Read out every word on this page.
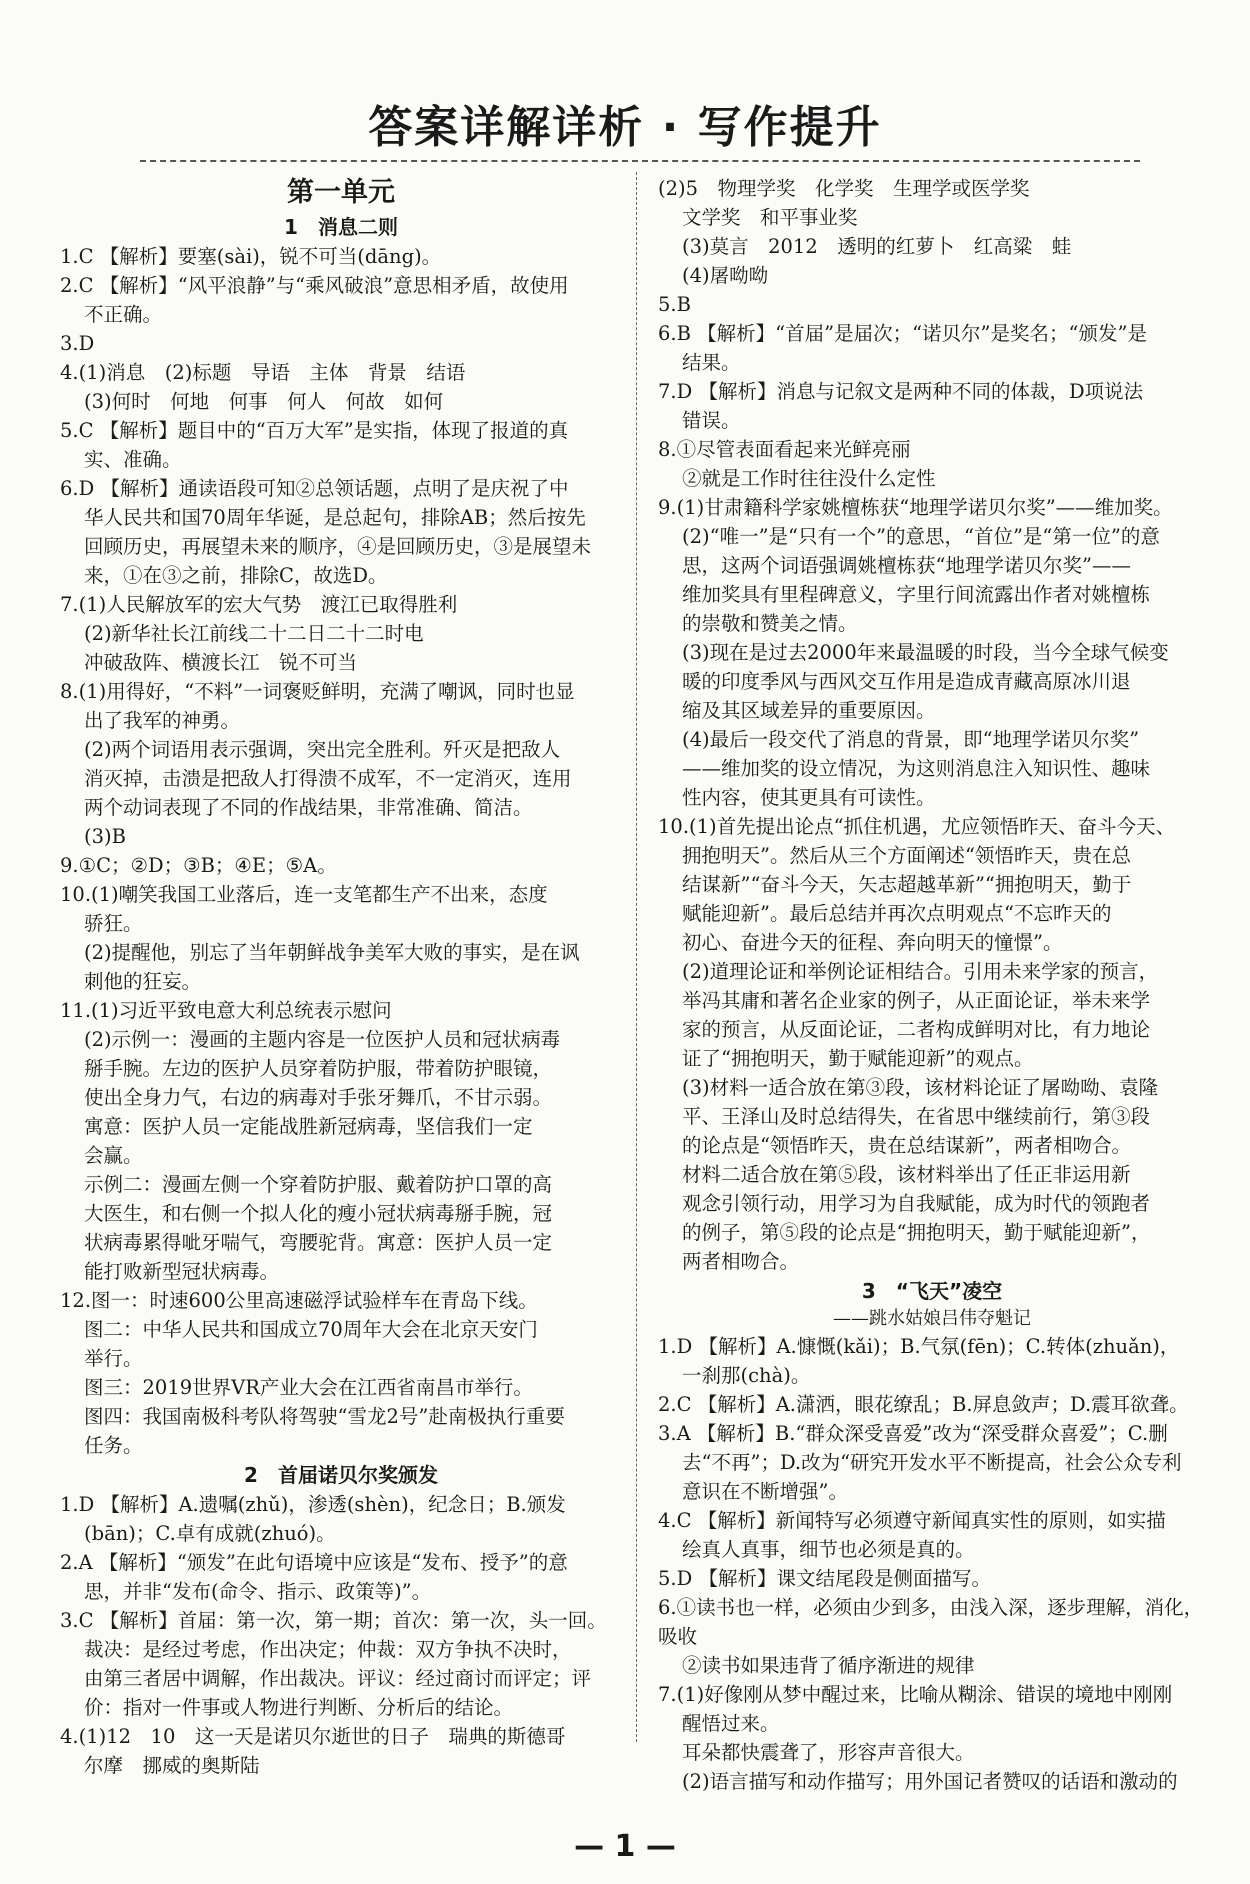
答案详解详析 · 写作提升
第一单元
1　消息二则

1.C 【解析】要塞(sài)，锐不可当(dāng)。

2.C 【解析】“风平浪静”与“乘风破浪”意思相矛盾，故使用

不正确。

3.D

4.(1)消息　(2)标题　导语　主体　背景　结语

(3)何时　何地　何事　何人　何故　如何

5.C 【解析】题目中的“百万大军”是实指，体现了报道的真

实、准确。

6.D 【解析】通读语段可知②总领话题，点明了是庆祝了中

华人民共和国70周年华诞，是总起句，排除AB；然后按先

回顾历史，再展望未来的顺序，④是回顾历史，③是展望未

来，①在③之前，排除C，故选D。

7.(1)人民解放军的宏大气势　渡江已取得胜利

(2)新华社长江前线二十二日二十二时电

冲破敌阵、横渡长江　锐不可当

8.(1)用得好，“不料”一词褒贬鲜明，充满了嘲讽，同时也显

出了我军的神勇。

(2)两个词语用表示强调，突出完全胜利。歼灭是把敌人

消灭掉，击溃是把敌人打得溃不成军，不一定消灭，连用

两个动词表现了不同的作战结果，非常准确、简洁。

(3)B

9.①C；②D；③B；④E；⑤A。

10.(1)嘲笑我国工业落后，连一支笔都生产不出来，态度

骄狂。

(2)提醒他，别忘了当年朝鲜战争美军大败的事实，是在讽

刺他的狂妄。

11.(1)习近平致电意大利总统表示慰问

(2)示例一：漫画的主题内容是一位医护人员和冠状病毒

掰手腕。左边的医护人员穿着防护服，带着防护眼镜，

使出全身力气，右边的病毒对手张牙舞爪，不甘示弱。

寓意：医护人员一定能战胜新冠病毒，坚信我们一定

会赢。

示例二：漫画左侧一个穿着防护服、戴着防护口罩的高

大医生，和右侧一个拟人化的瘦小冠状病毒掰手腕，冠

状病毒累得呲牙喘气，弯腰驼背。寓意：医护人员一定

能打败新型冠状病毒。

12.图一：时速600公里高速磁浮试验样车在青岛下线。

图二：中华人民共和国成立70周年大会在北京天安门

举行。

图三：2019世界VR产业大会在江西省南昌市举行。

图四：我国南极科考队将驾驶“雪龙2号”赴南极执行重要

任务。

2　首届诺贝尔奖颁发

1.D 【解析】A.遗嘱(zhǔ)，渗透(shèn)，纪念日；B.颁发

(bān)；C.卓有成就(zhuó)。

2.A 【解析】“颁发”在此句语境中应该是“发布、授予”的意

思，并非“发布(命令、指示、政策等)”。

3.C 【解析】首届：第一次，第一期；首次：第一次，头一回。

裁决：是经过考虑，作出决定；仲裁：双方争执不决时，

由第三者居中调解，作出裁决。评议：经过商讨而评定；评

价：指对一件事或人物进行判断、分析后的结论。

4.(1)12　10　这一天是诺贝尔逝世的日子　瑞典的斯德哥

尔摩　挪威的奥斯陆

(2)5　物理学奖　化学奖　生理学或医学奖

文学奖　和平事业奖

(3)莫言　2012　透明的红萝卜　红高粱　蛙

(4)屠呦呦

5.B

6.B 【解析】“首届”是届次；“诺贝尔”是奖名；“颁发”是

结果。

7.D 【解析】消息与记叙文是两种不同的体裁，D项说法

错误。

8.①尽管表面看起来光鲜亮丽

②就是工作时往往没什么定性

9.(1)甘肃籍科学家姚檀栋获“地理学诺贝尔奖”——维加奖。

(2)“唯一”是“只有一个”的意思，“首位”是“第一位”的意

思，这两个词语强调姚檀栋获“地理学诺贝尔奖”——

维加奖具有里程碑意义，字里行间流露出作者对姚檀栋

的崇敬和赞美之情。

(3)现在是过去2000年来最温暖的时段，当今全球气候变

暖的印度季风与西风交互作用是造成青藏高原冰川退

缩及其区域差异的重要原因。

(4)最后一段交代了消息的背景，即“地理学诺贝尔奖”

——维加奖的设立情况，为这则消息注入知识性、趣味

性内容，使其更具有可读性。

10.(1)首先提出论点“抓住机遇，尤应领悟昨天、奋斗今天、

拥抱明天”。然后从三个方面阐述“领悟昨天，贵在总

结谋新”“奋斗今天，矢志超越革新”“拥抱明天，勤于

赋能迎新”。最后总结并再次点明观点“不忘昨天的

初心、奋进今天的征程、奔向明天的憧憬”。

(2)道理论证和举例论证相结合。引用未来学家的预言，

举冯其庸和著名企业家的例子，从正面论证，举未来学

家的预言，从反面论证，二者构成鲜明对比，有力地论

证了“拥抱明天，勤于赋能迎新”的观点。

(3)材料一适合放在第③段，该材料论证了屠呦呦、袁隆

平、王泽山及时总结得失，在省思中继续前行，第③段

的论点是“领悟昨天，贵在总结谋新”，两者相吻合。

材料二适合放在第⑤段，该材料举出了任正非运用新

观念引领行动，用学习为自我赋能，成为时代的领跑者

的例子，第⑤段的论点是“拥抱明天，勤于赋能迎新”，

两者相吻合。

3　“飞天”凌空
——跳水姑娘吕伟夺魁记

1.D 【解析】A.慷慨(kǎi)；B.气氛(fēn)；C.转体(zhuǎn)，

一刹那(chà)。

2.C 【解析】A.潇洒，眼花缭乱；B.屏息敛声；D.震耳欲聋。

3.A 【解析】B.“群众深受喜爱”改为“深受群众喜爱”；C.删

去“不再”；D.改为“研究开发水平不断提高，社会公众专利

意识在不断增强”。

4.C 【解析】新闻特写必须遵守新闻真实性的原则，如实描

绘真人真事，细节也必须是真的。

5.D 【解析】课文结尾段是侧面描写。

6.①读书也一样，必须由少到多，由浅入深，逐步理解，消化，吸收

②读书如果违背了循序渐进的规律

7.(1)好像刚从梦中醒过来，比喻从糊涂、错误的境地中刚刚

醒悟过来。

耳朵都快震聋了，形容声音很大。

(2)语言描写和动作描写；用外国记者赞叹的话语和激动的

— 1 —
